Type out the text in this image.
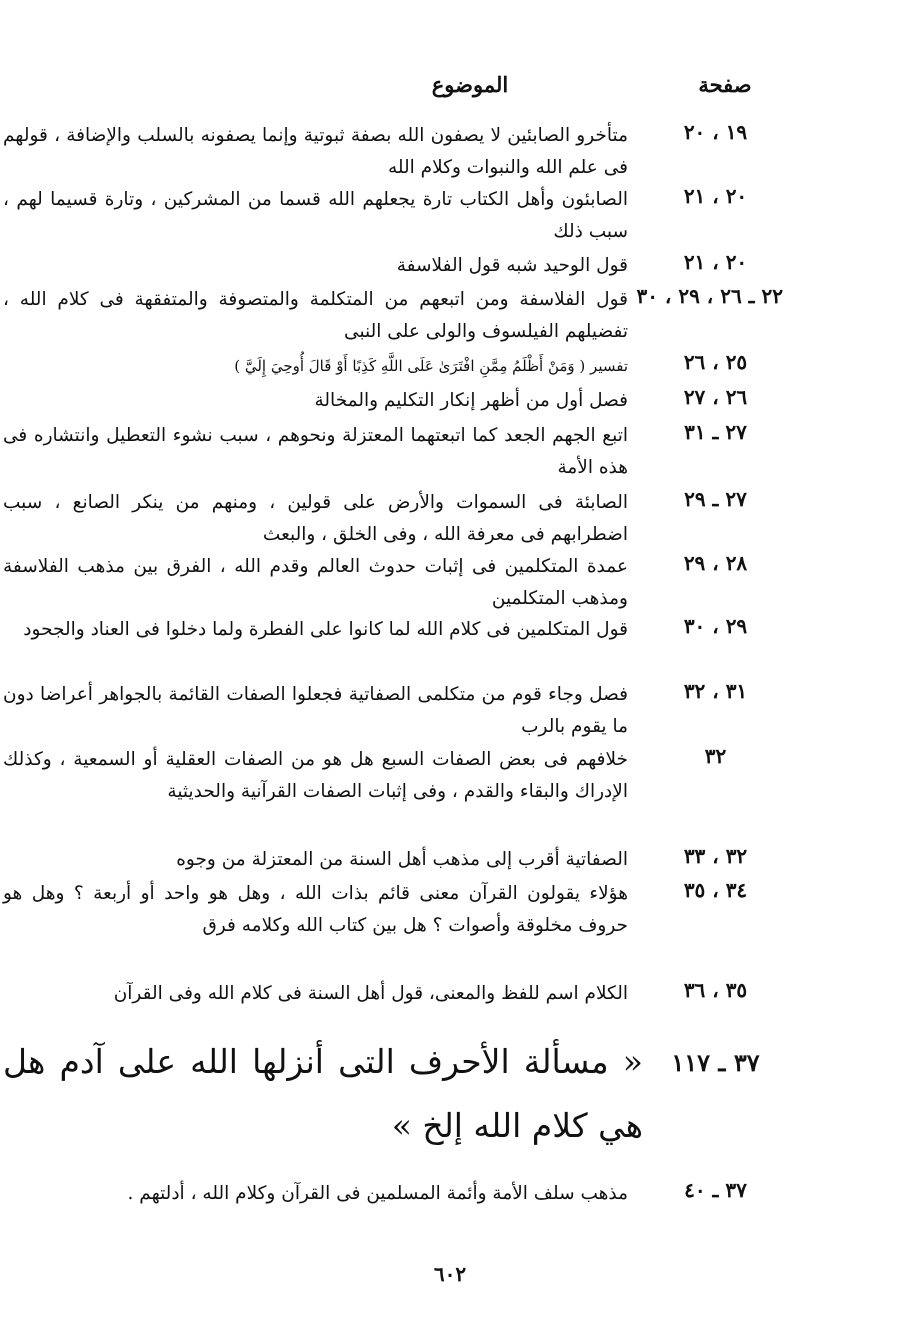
صفحة
الموضوع
١٩ ، ٢٠
متأخرو الصابئين لا يصفون الله بصفة ثبوتية وإنما يصفونه بالسلب والإضافة ، قولهم فى علم الله والنبوات وكلام الله
٢٠ ، ٢١
الصابئون وأهل الكتاب تارة يجعلهم الله قسما من المشركين ، وتارة قسيما لهم ، سبب ذلك
٢٠ ، ٢١
قول الوحيد شبه قول الفلاسفة
٢٢ ـ ٢٦ ، ٢٩ ، ٣٠
قول الفلاسفة ومن اتبعهم من المتكلمة والمتصوفة والمتفقهة فى كلام الله ، تفضيلهم الفيلسوف والولى على النبى
٢٥ ، ٢٦
تفسير ( وَمَنْ أَظْلَمُ مِمَّنِ افْتَرَىٰ عَلَى اللَّهِ كَذِبًا أَوْ قَالَ أُوحِيَ إِلَيَّ )
٢٦ ، ٢٧
فصل أول من أظهر إنكار التكليم والمخالة
٢٧ ـ ٣١
اتبع الجهم الجعد كما اتبعتهما المعتزلة ونحوهم ، سبب نشوء التعطيل وانتشاره فى هذه الأمة
٢٧ ـ ٢٩
الصابئة فى السموات والأرض على قولين ، ومنهم من ينكر الصانع ، سبب اضطرابهم فى معرفة الله ، وفى الخلق ، والبعث
٢٨ ، ٢٩
عمدة المتكلمين فى إثبات حدوث العالم وقدم الله ، الفرق بين مذهب الفلاسفة ومذهب المتكلمين
٢٩ ، ٣٠
قول المتكلمين فى كلام الله لما كانوا على الفطرة ولما دخلوا فى العناد والجحود
٣١ ، ٣٢
فصل وجاء قوم من متكلمى الصفاتية فجعلوا الصفات القائمة بالجواهر أعراضا دون ما يقوم بالرب
٣٢
خلافهم فى بعض الصفات السبع هل هو من الصفات العقلية أو السمعية ، وكذلك الإدراك والبقاء والقدم ، وفى إثبات الصفات القرآنية والحديثية
٣٢ ، ٣٣
الصفاتية أقرب إلى مذهب أهل السنة من المعتزلة من وجوه
٣٤ ، ٣٥
هؤلاء يقولون القرآن معنى قائم بذات الله ، وهل هو واحد أو أربعة ؟ وهل هو حروف مخلوقة وأصوات ؟ هل بين كتاب الله وكلامه فرق
٣٥ ، ٣٦
الكلام اسم للفظ والمعنى، قول أهل السنة فى كلام الله وفى القرآن
٣٧ ـ ١١٧
« مسألة الأحرف التى أنزلها الله على آدم هل هي كلام الله إلخ »
٣٧ ـ ٤٠
مذهب سلف الأمة وأئمة المسلمين فى القرآن وكلام الله ، أدلتهم .
٦٠٢
